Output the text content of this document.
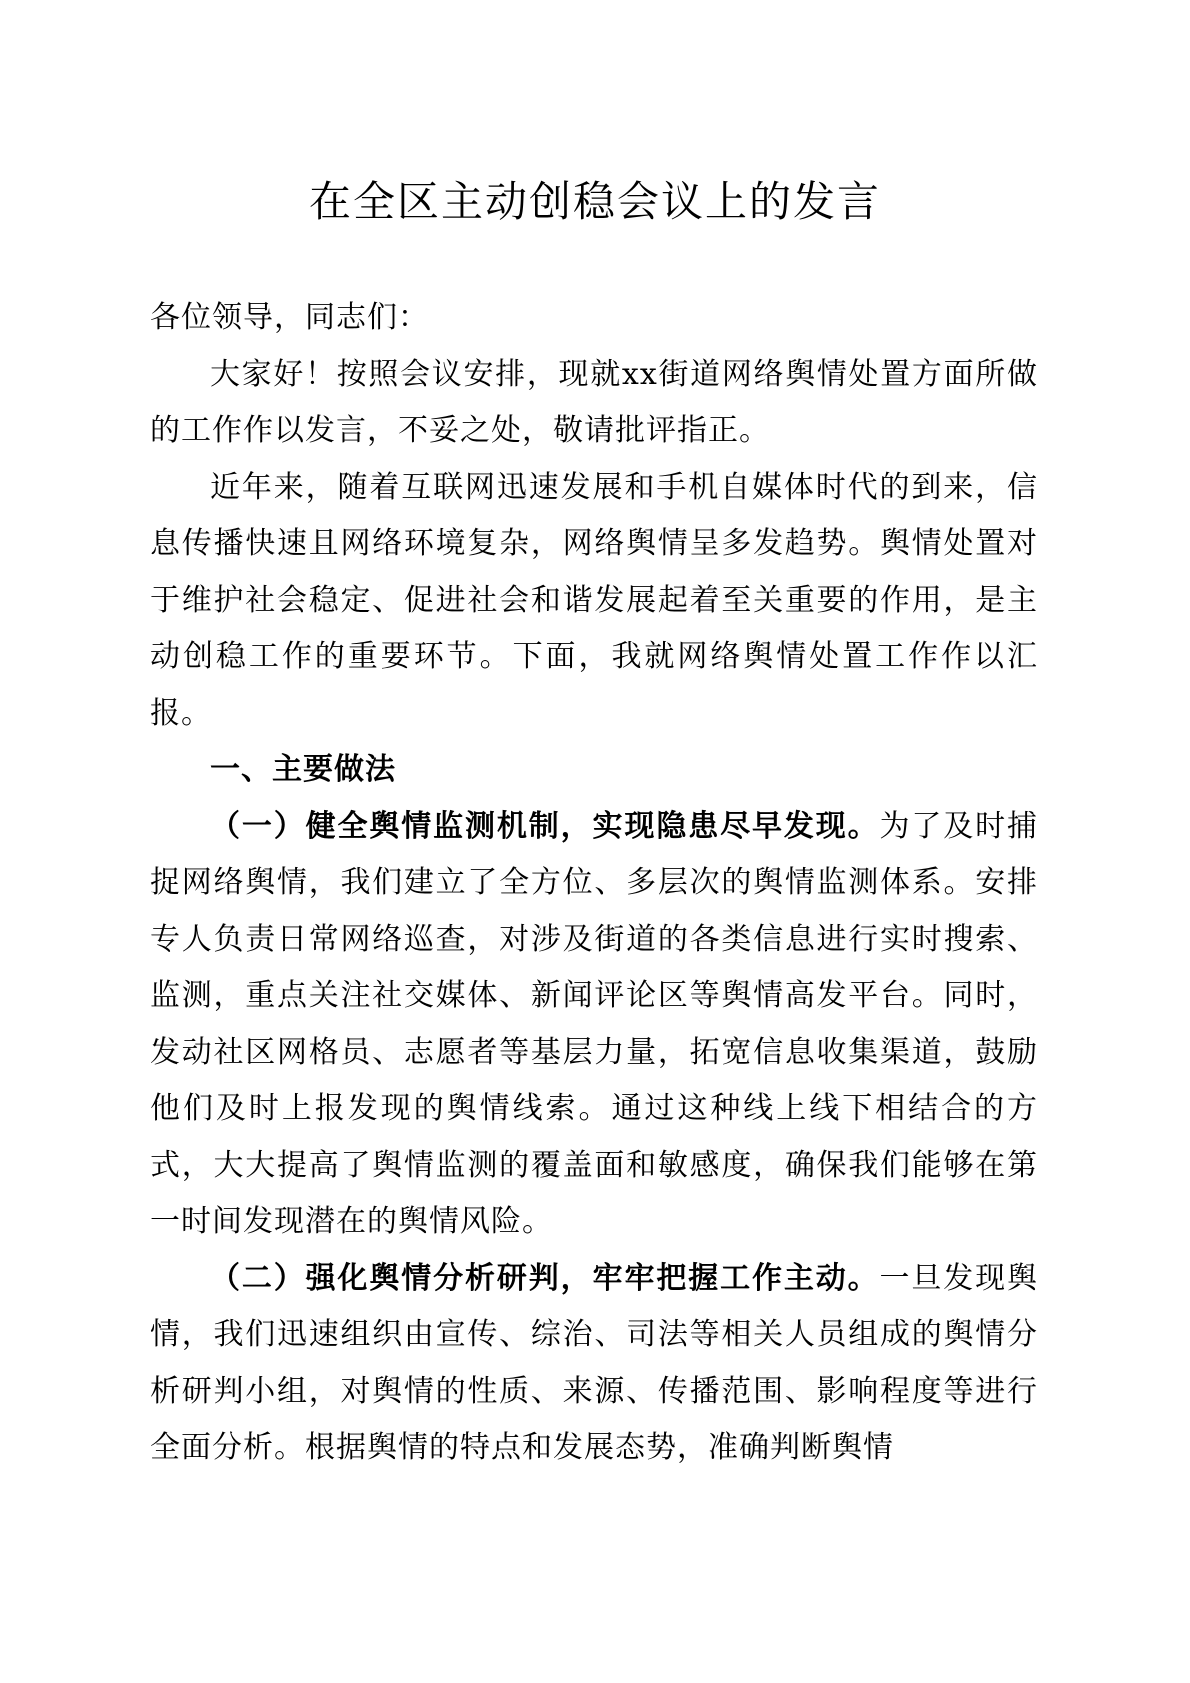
在全区主动创稳会议上的发言

各位领导，同志们：

大家好！按照会议安排，现就xx街道网络舆情处置方面所做的工作作以发言，不妥之处，敬请批评指正。

近年来，随着互联网迅速发展和手机自媒体时代的到来，信息传播快速且网络环境复杂，网络舆情呈多发趋势。舆情处置对于维护社会稳定、促进社会和谐发展起着至关重要的作用，是主动创稳工作的重要环节。下面，我就网络舆情处置工作作以汇报。

一、主要做法

（一）健全舆情监测机制，实现隐患尽早发现。为了及时捕捉网络舆情，我们建立了全方位、多层次的舆情监测体系。安排专人负责日常网络巡查，对涉及街道的各类信息进行实时搜索、监测，重点关注社交媒体、新闻评论区等舆情高发平台。同时，发动社区网格员、志愿者等基层力量，拓宽信息收集渠道，鼓励他们及时上报发现的舆情线索。通过这种线上线下相结合的方式，大大提高了舆情监测的覆盖面和敏感度，确保我们能够在第一时间发现潜在的舆情风险。

（二）强化舆情分析研判，牢牢把握工作主动。一旦发现舆情，我们迅速组织由宣传、综治、司法等相关人员组成的舆情分析研判小组，对舆情的性质、来源、传播范围、影响程度等进行全面分析。根据舆情的特点和发展态势，准确判断舆情
